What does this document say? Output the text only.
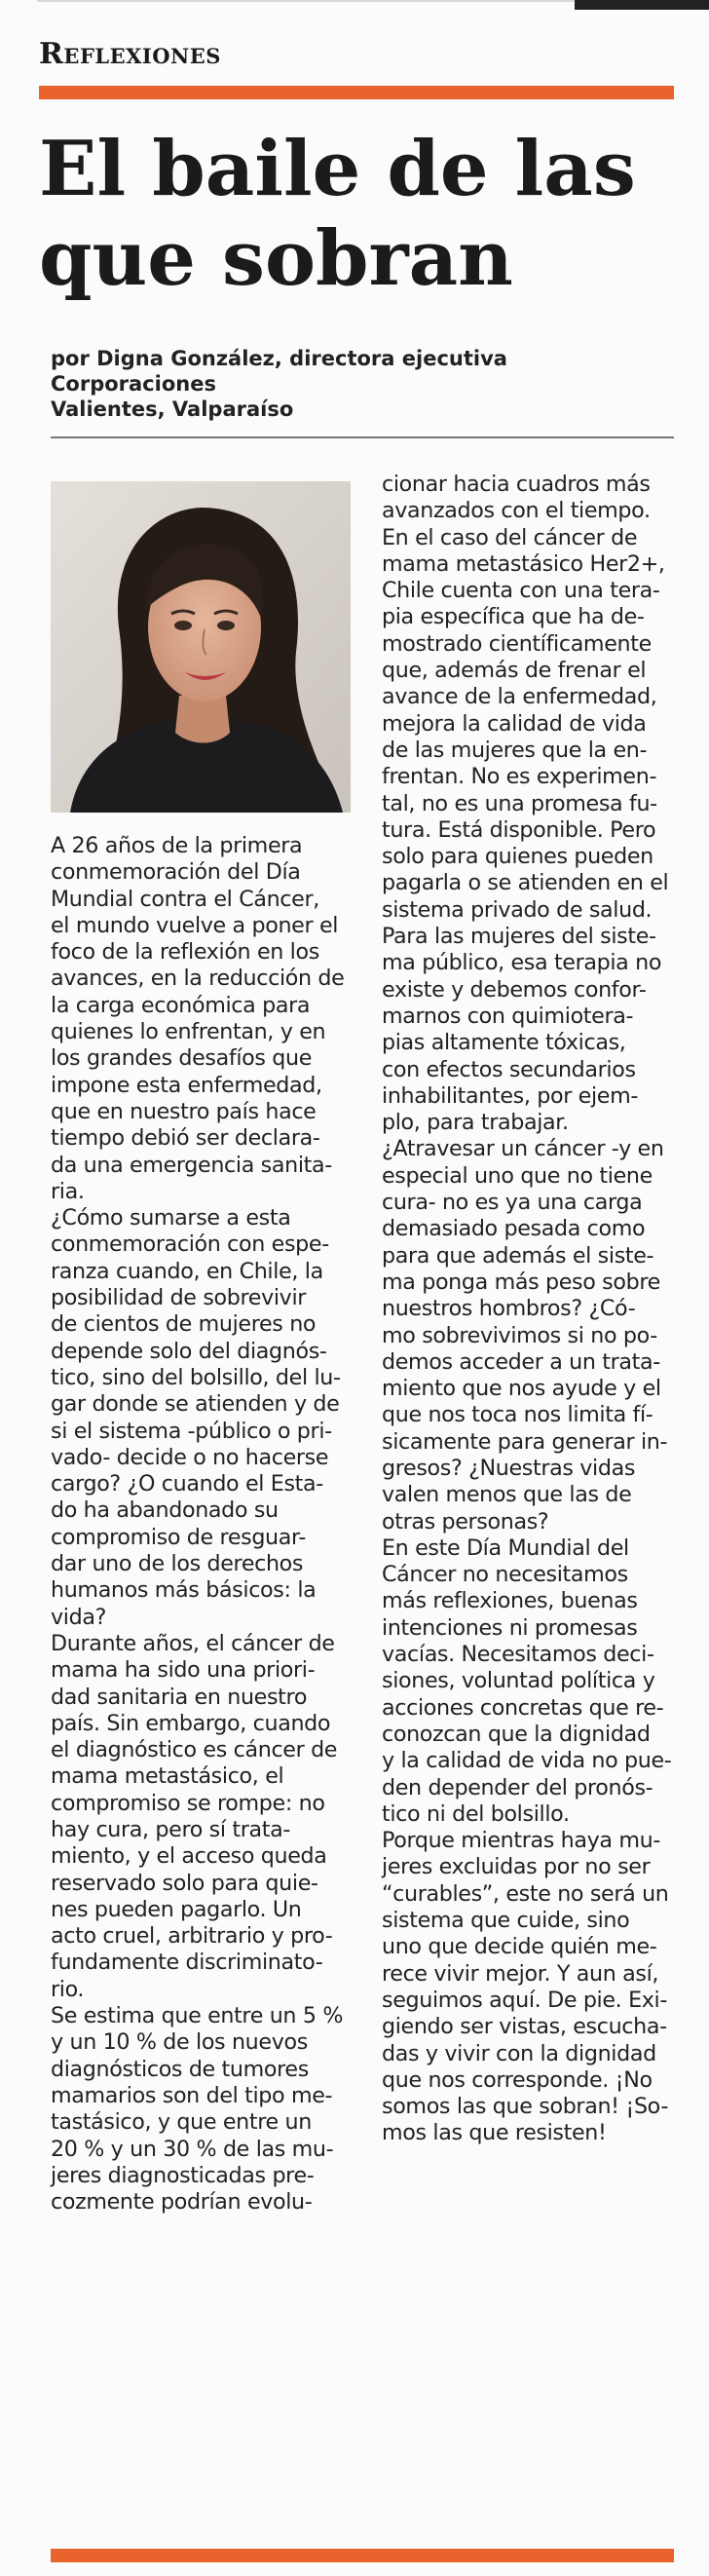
Reflexiones
El baile de las
que sobran
por Digna González, directora ejecutiva Corporaciones
Valientes, Valparaíso

A 26 años de la primera
conmemoración del Día
Mundial contra el Cáncer,
el mundo vuelve a poner el
foco de la reflexión en los
avances, en la reducción de
la carga económica para
quienes lo enfrentan, y en
los grandes desafíos que
impone esta enfermedad,
que en nuestro país hace
tiempo debió ser declara-
da una emergencia sanita-
ria.

¿Cómo sumarse a esta
conmemoración con espe-
ranza cuando, en Chile, la
posibilidad de sobrevivir
de cientos de mujeres no
depende solo del diagnós-
tico, sino del bolsillo, del lu-
gar donde se atienden y de
si el sistema -público o pri-
vado- decide o no hacerse
cargo? ¿O cuando el Esta-
do ha abandonado su
compromiso de resguar-
dar uno de los derechos
humanos más básicos: la
vida?

Durante años, el cáncer de
mama ha sido una priori-
dad sanitaria en nuestro
país. Sin embargo, cuando
el diagnóstico es cáncer de
mama metastásico, el
compromiso se rompe: no
hay cura, pero sí trata-
miento, y el acceso queda
reservado solo para quie-
nes pueden pagarlo. Un
acto cruel, arbitrario y pro-
fundamente discriminato-
rio.

Se estima que entre un 5 %
y un 10 % de los nuevos
diagnósticos de tumores
mamarios son del tipo me-
tastásico, y que entre un
20 % y un 30 % de las mu-
jeres diagnosticadas pre-
cozmente podrían evolu-

cionar hacia cuadros más
avanzados con el tiempo.

En el caso del cáncer de
mama metastásico Her2+,
Chile cuenta con una tera-
pia específica que ha de-
mostrado científicamente
que, además de frenar el
avance de la enfermedad,
mejora la calidad de vida
de las mujeres que la en-
frentan. No es experimen-
tal, no es una promesa fu-
tura. Está disponible. Pero
solo para quienes pueden
pagarla o se atienden en el
sistema privado de salud.

Para las mujeres del siste-
ma público, esa terapia no
existe y debemos confor-
marnos con quimiotera-
pias altamente tóxicas,
con efectos secundarios
inhabilitantes, por ejem-
plo, para trabajar.

¿Atravesar un cáncer -y en
especial uno que no tiene
cura- no es ya una carga
demasiado pesada como
para que además el siste-
ma ponga más peso sobre
nuestros hombros? ¿Có-
mo sobrevivimos si no po-
demos acceder a un trata-
miento que nos ayude y el
que nos toca nos limita fí-
sicamente para generar in-
gresos? ¿Nuestras vidas
valen menos que las de
otras personas?

En este Día Mundial del
Cáncer no necesitamos
más reflexiones, buenas
intenciones ni promesas
vacías. Necesitamos deci-
siones, voluntad política y
acciones concretas que re-
conozcan que la dignidad
y la calidad de vida no pue-
den depender del pronós-
tico ni del bolsillo.

Porque mientras haya mu-
jeres excluidas por no ser
“curables”, este no será un
sistema que cuide, sino
uno que decide quién me-
rece vivir mejor. Y aun así,
seguimos aquí. De pie. Exi-
giendo ser vistas, escucha-
das y vivir con la dignidad
que nos corresponde. ¡No
somos las que sobran! ¡So-
mos las que resisten!
